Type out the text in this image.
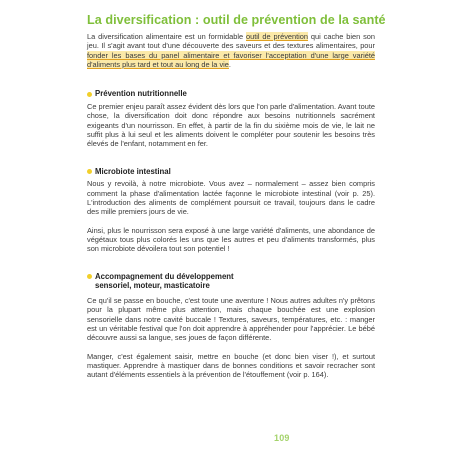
La diversification : outil de prévention de la santé

La diversification alimentaire est un formidable outil de prévention qui cache bien son jeu. Il s'agit avant tout d'une découverte des saveurs et des textures alimentaires, pour fonder les bases du panel alimentaire et favoriser l'acceptation d'une large variété d'aliments plus tard et tout au long de la vie.

Prévention nutritionnelle

Ce premier enjeu paraît assez évident dès lors que l'on parle d'alimentation. Avant toute chose, la diversification doit donc répondre aux besoins nutritionnels sacrément exigeants d'un nourrisson. En effet, à partir de la fin du sixième mois de vie, le lait ne suffit plus à lui seul et les aliments doivent le compléter pour soutenir les besoins très élevés de l'enfant, notamment en fer.

Microbiote intestinal

Nous y revoilà, à notre microbiote. Vous avez – normalement – assez bien compris comment la phase d'alimentation lactée façonne le microbiote intestinal (voir p. 25). L'introduction des aliments de complément poursuit ce travail, toujours dans le cadre des mille premiers jours de vie.

Ainsi, plus le nourrisson sera exposé à une large variété d'aliments, une abondance de végétaux tous plus colorés les uns que les autres et peu d'aliments transformés, plus son microbiote dévoilera tout son potentiel !

Accompagnement du développement
sensoriel, moteur, masticatoire

Ce qu'il se passe en bouche, c'est toute une aventure ! Nous autres adultes n'y prêtons pour la plupart même plus attention, mais chaque bouchée est une explosion sensorielle dans notre cavité buccale ! Textures, saveurs, températures, etc. : manger est un véritable festival que l'on doit apprendre à appréhender pour l'apprécier. Le bébé découvre aussi sa langue, ses joues de façon différente.

Manger, c'est également saisir, mettre en bouche (et donc bien viser !), et surtout mastiquer. Apprendre à mastiquer dans de bonnes conditions et savoir recracher sont autant d'éléments essentiels à la prévention de l'étouffement (voir p. 164).

109
